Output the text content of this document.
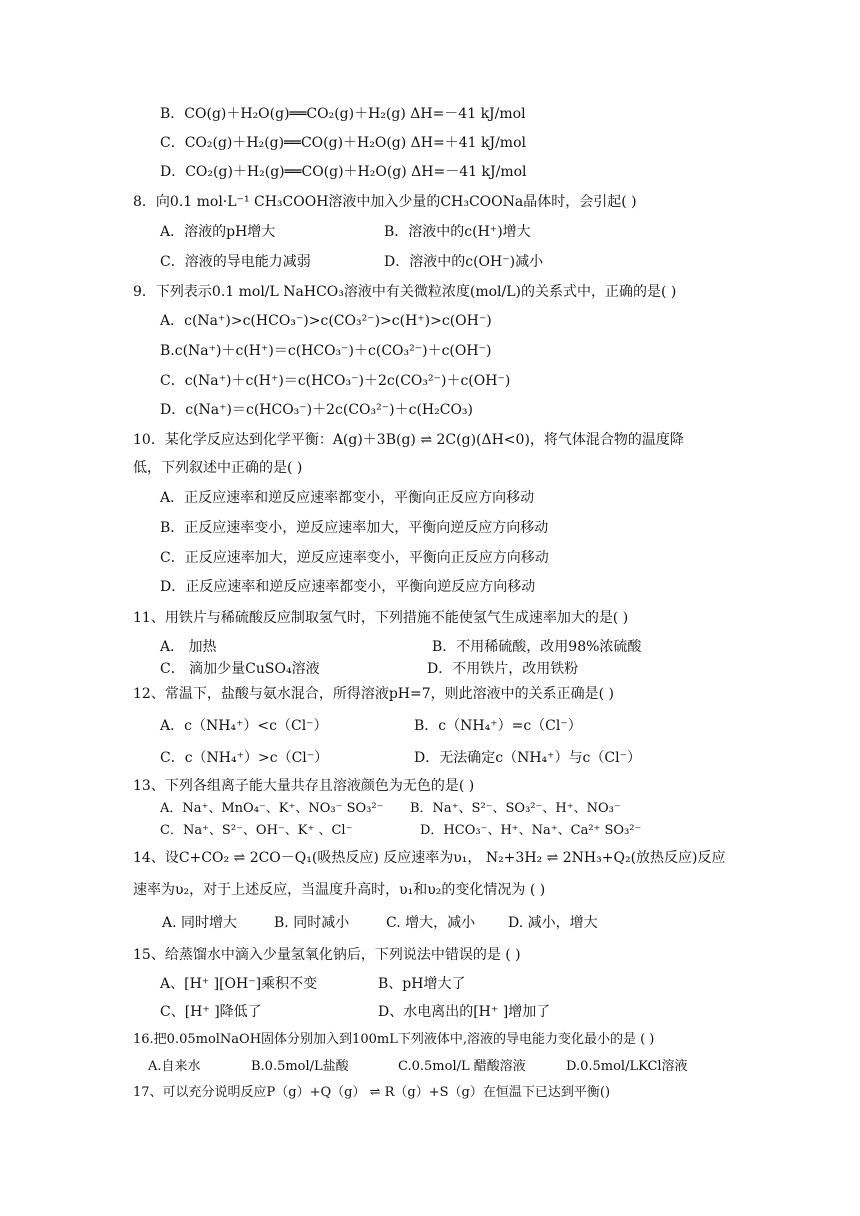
B．CO(g)＋H₂O(g)══CO₂(g)＋H₂(g) ΔH=－41 kJ/mol
C．CO₂(g)＋H₂(g)══CO(g)＋H₂O(g) ΔH=＋41 kJ/mol
D．CO₂(g)＋H₂(g)══CO(g)＋H₂O(g) ΔH=－41 kJ/mol
8．向0.1 mol·L⁻¹ CH₃COOH溶液中加入少量的CH₃COONa晶体时，会引起( )
A．溶液的pH增大	B．溶液中的c(H⁺)增大
C．溶液的导电能力减弱	D．溶液中的c(OH⁻)减小
9．下列表示0.1 mol/L NaHCO₃溶液中有关微粒浓度(mol/L)的关系式中，正确的是( )
A．c(Na⁺)>c(HCO₃⁻)>c(CO₃²⁻)>c(H⁺)>c(OH⁻)
B.c(Na⁺)＋c(H⁺)＝c(HCO₃⁻)＋c(CO₃²⁻)＋c(OH⁻)
C．c(Na⁺)＋c(H⁺)＝c(HCO₃⁻)＋2c(CO₃²⁻)＋c(OH⁻)
D．c(Na⁺)＝c(HCO₃⁻)＋2c(CO₃²⁻)＋c(H₂CO₃)
10．某化学反应达到化学平衡：A(g)＋3B(g) ⇌ 2C(g)(ΔH<0)，将气体混合物的温度降
低，下列叙述中正确的是( )
A．正反应速率和逆反应速率都变小，平衡向正反应方向移动
B．正反应速率变小，逆反应速率加大，平衡向逆反应方向移动
C．正反应速率加大，逆反应速率变小，平衡向正反应方向移动
D．正反应速率和逆反应速率都变小，平衡向逆反应方向移动
11、用铁片与稀硫酸反应制取氢气时，下列措施不能使氢气生成速率加大的是( )
A． 加热	B．不用稀硫酸，改用98%浓硫酸
C． 滴加少量CuSO₄溶液	D．不用铁片，改用铁粉
12、常温下，盐酸与氨水混合，所得溶液pH=7，则此溶液中的关系正确是( )
A．c（NH₄⁺）<c（Cl⁻）	B．c（NH₄⁺）=c（Cl⁻）
C．c（NH₄⁺）>c（Cl⁻）	D．无法确定c（NH₄⁺）与c（Cl⁻）
13、下列各组离子能大量共存且溶液颜色为无色的是( )
A．Na⁺、MnO₄⁻、K⁺、NO₃⁻ SO₃²⁻ B．Na⁺、S²⁻、SO₃²⁻、H⁺、NO₃⁻
C．Na⁺、S²⁻、OH⁻、K⁺ 、Cl⁻	D．HCO₃⁻、H⁺、Na⁺、Ca²⁺ SO₃²⁻
14、设C+CO₂ ⇌ 2CO－Q₁(吸热反应) 反应速率为υ₁， N₂+3H₂ ⇌ 2NH₃+Q₂(放热反应)反应
速率为υ₂，对于上述反应，当温度升高时，υ₁和υ₂的变化情况为 ( )
A. 同时增大	B. 同时减小	C. 增大，减小 D. 减小，增大
15、给蒸馏水中滴入少量氢氧化钠后，下列说法中错误的是 ( )
A、[H⁺ ][OH⁻]乘积不变	B、pH增大了
C、[H⁺ ]降低了	D、水电离出的[H⁺ ]增加了
16.把0.05molNaOH固体分别加入到100mL下列液体中,溶液的导电能力变化最小的是 ( )
A.自来水	B.0.5mol/L盐酸	C.0.5mol/L 醋酸溶液	D.0.5mol/LKCl溶液
17、可以充分说明反应P（g）+Q（g） ⇌ R（g）+S（g）在恒温下已达到平衡()
